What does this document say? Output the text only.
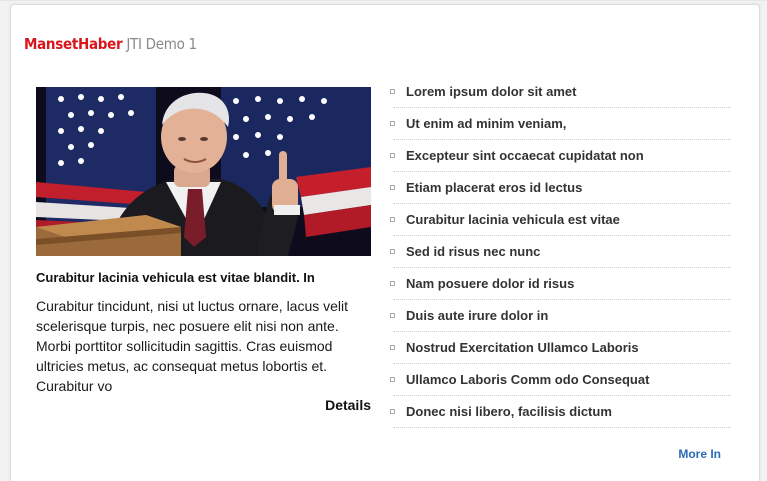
MansetHaber JTI Demo 1
Curabitur lacinia vehicula est vitae blandit. In

Curabitur tincidunt, nisi ut luctus ornare, lacus velit scelerisque turpis, nec posuere elit nisi non ante. Morbi porttitor sollicitudin sagittis. Cras euismod ultricies metus, ac consequat metus lobortis et. Curabitur vo

Details
Lorem ipsum dolor sit amet
Ut enim ad minim veniam,
Excepteur sint occaecat cupidatat non
Etiam placerat eros id lectus
Curabitur lacinia vehicula est vitae
Sed id risus nec nunc
Nam posuere dolor id risus
Duis aute irure dolor in
Nostrud Exercitation Ullamco Laboris
Ullamco Laboris Comm odo Consequat
Donec nisi libero, facilisis dictum
More In
